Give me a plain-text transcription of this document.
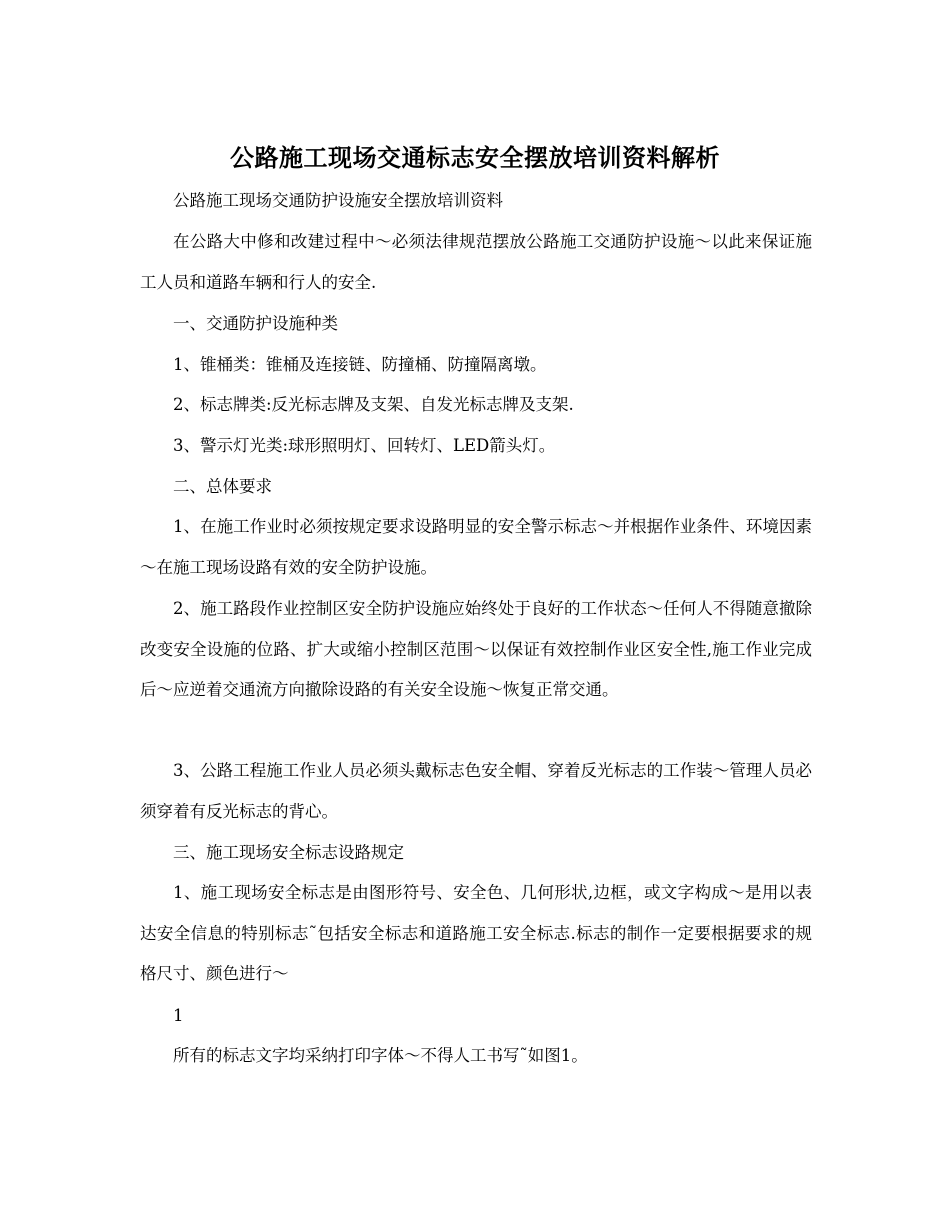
公路施工现场交通标志安全摆放培训资料解析

公路施工现场交通防护设施安全摆放培训资料

在公路大中修和改建过程中～必须法律规范摆放公路施工交通防护设施～以此来保证施工人员和道路车辆和行人的安全.

一、交通防护设施种类

1、锥桶类：锥桶及连接链、防撞桶、防撞隔离墩。

2、标志牌类:反光标志牌及支架、自发光标志牌及支架.

3、警示灯光类:球形照明灯、回转灯、LED箭头灯。

二、总体要求

1、在施工作业时必须按规定要求设路明显的安全警示标志～并根据作业条件、环境因素～在施工现场设路有效的安全防护设施。

2、施工路段作业控制区安全防护设施应始终处于良好的工作状态～任何人不得随意撤除改变安全设施的位路、扩大或缩小控制区范围～以保证有效控制作业区安全性,施工作业完成后～应逆着交通流方向撤除设路的有关安全设施～恢复正常交通。

3、公路工程施工作业人员必须头戴标志色安全帽、穿着反光标志的工作装～管理人员必须穿着有反光标志的背心。

三、施工现场安全标志设路规定

1、施工现场安全标志是由图形符号、安全色、几何形状,边框，或文字构成～是用以表达安全信息的特别标志˜包括安全标志和道路施工安全标志.标志的制作一定要根据要求的规格尺寸、颜色进行～

1

所有的标志文字均采纳打印字体～不得人工书写˜如图1。
